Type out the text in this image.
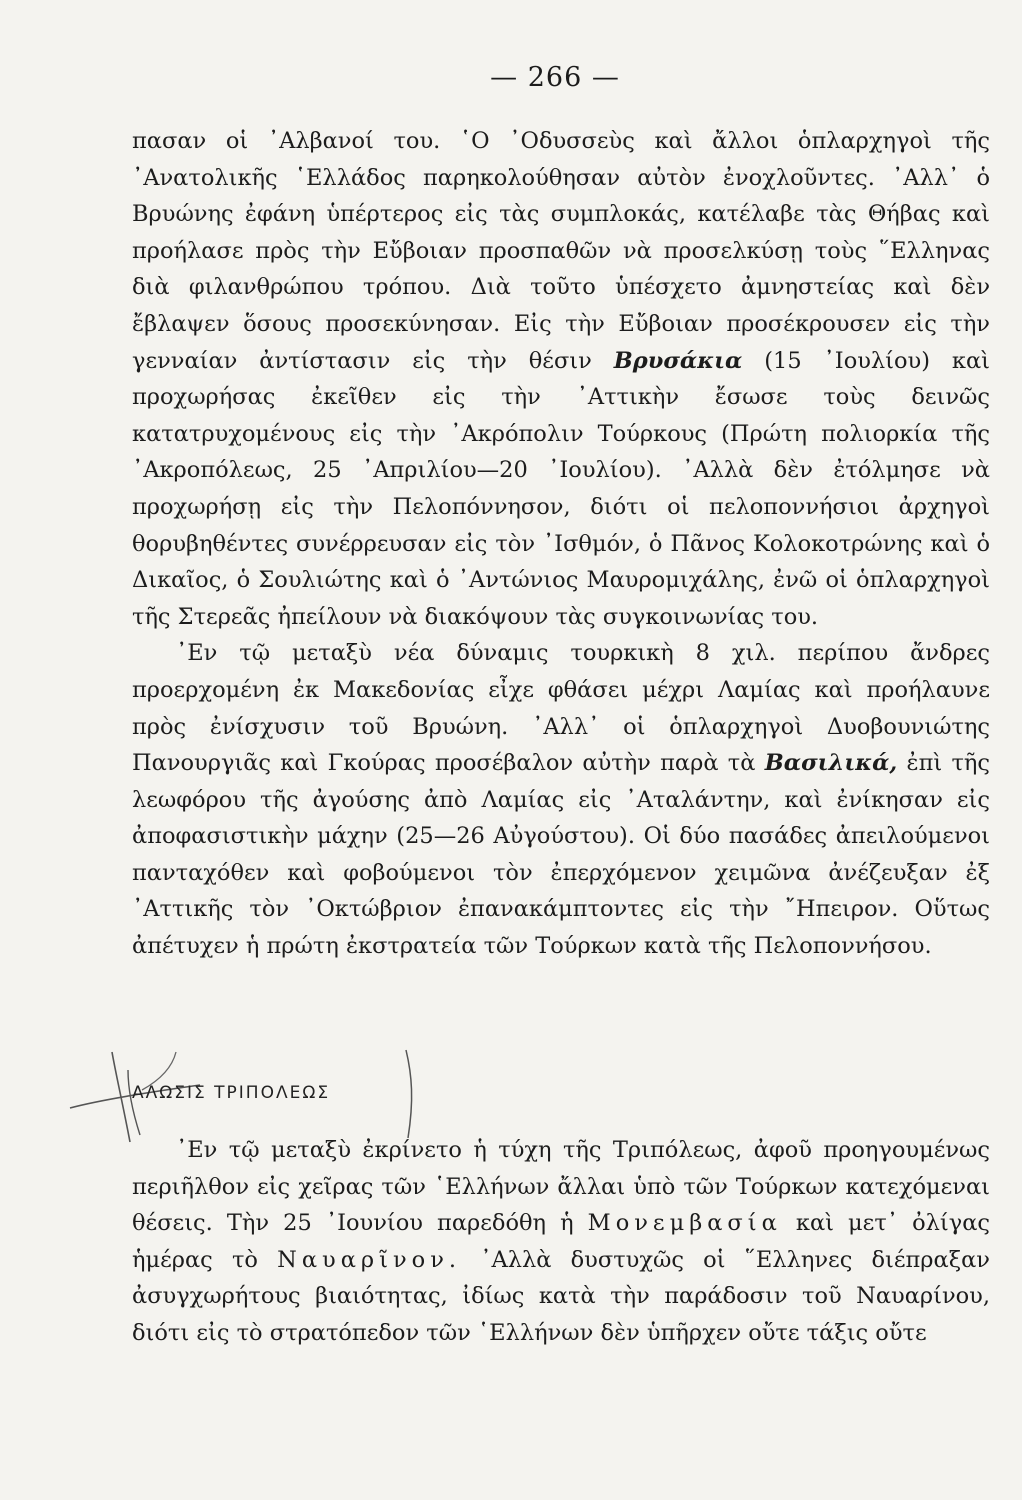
— 266 —

πασαν οἱ ᾿Αλβανοί του. ῾Ο ᾿Οδυσσεὺς καὶ ἄλλοι ὁπλαρχηγοὶ τῆς ᾿Ανατολικῆς ῾Ελλάδος παρηκολούθησαν αὐτὸν ἐνοχλοῦντες. ᾿Αλλ᾿ ὁ Βρυώνης ἐφάνη ὑπέρτερος εἰς τὰς συμπλοκάς, κατέλαβε τὰς Θήβας καὶ προήλασε πρὸς τὴν Εὔβοιαν προσπαθῶν νὰ προσελκύσῃ τοὺς ῞Ελληνας διὰ φιλανθρώπου τρόπου. Διὰ τοῦτο ὑπέσχετο ἀμνηστείας καὶ δὲν ἔβλαψεν ὅσους προσεκύνησαν. Εἰς τὴν Εὔβοιαν προσέκρουσεν εἰς τὴν γενναίαν ἀντίστασιν εἰς τὴν θέσιν Βρυσάκια (15 ᾿Ιουλίου) καὶ προχωρήσας ἐκεῖθεν εἰς τὴν ᾿Αττικὴν ἔσωσε τοὺς δεινῶς κατατρυχομένους εἰς τὴν ᾿Ακρόπολιν Τούρκους (Πρώτη πολιορκία τῆς ᾿Ακροπόλεως, 25 ᾿Απριλίου—20 ᾿Ιουλίου). ᾿Αλλὰ δὲν ἐτόλμησε νὰ προχωρήσῃ εἰς τὴν Πελοπόννησον, διότι οἱ πελοποννήσιοι ἀρχηγοὶ θορυβηθέντες συνέρρευσαν εἰς τὸν ᾿Ισθμόν, ὁ Πᾶνος Κολοκοτρώνης καὶ ὁ Δικαῖος, ὁ Σουλιώτης καὶ ὁ ᾿Αντώνιος Μαυρομιχάλης, ἐνῶ οἱ ὁπλαρχηγοὶ τῆς Στερεᾶς ἠπείλουν νὰ διακόψουν τὰς συγκοινωνίας του.

᾿Εν τῷ μεταξὺ νέα δύναμις τουρκικὴ 8 χιλ. περίπου ἄνδρες προερχομένη ἐκ Μακεδονίας εἶχε φθάσει μέχρι Λαμίας καὶ προήλαυνε πρὸς ἐνίσχυσιν τοῦ Βρυώνη. ᾿Αλλ᾿ οἱ ὁπλαρχηγοὶ Δυοβουνιώτης Πανουργιᾶς καὶ Γκούρας προσέβαλον αὐτὴν παρὰ τὰ Βασιλικά, ἐπὶ τῆς λεωφόρου τῆς ἀγούσης ἀπὸ Λαμίας εἰς ᾿Αταλάντην, καὶ ἐνίκησαν εἰς ἀποφασιστικὴν μάχην (25—26 Αὐγούστου). Οἱ δύο πασάδες ἀπειλούμενοι πανταχόθεν καὶ φοβούμενοι τὸν ἐπερχόμενον χειμῶνα ἀνέζευξαν ἐξ ᾿Αττικῆς τὸν ᾿Οκτώβριον ἐπανακάμπτοντες εἰς τὴν ῎Ηπειρον. Οὕτως ἀπέτυχεν ἡ πρώτη ἐκστρατεία τῶν Τούρκων κατὰ τῆς Πελοποννήσου.

ΑΛΩΣΙΣ ΤΡΙΠΟΛΕΩΣ

᾿Εν τῷ μεταξὺ ἐκρίνετο ἡ τύχη τῆς Τριπόλεως, ἀφοῦ προηγουμένως περιῆλθον εἰς χεῖρας τῶν ῾Ελλήνων ἄλλαι ὑπὸ τῶν Τούρκων κατεχόμεναι θέσεις. Τὴν 25 ᾿Ιουνίου παρεδόθη ἡ Μονεμβασία καὶ μετ᾿ ὀλίγας ἡμέρας τὸ Ναυαρῖνον. ᾿Αλλὰ δυστυχῶς οἱ ῞Ελληνες διέπραξαν ἀσυγχωρήτους βιαιότητας, ἰδίως κατὰ τὴν παράδοσιν τοῦ Ναυαρίνου, διότι εἰς τὸ στρατόπεδον τῶν ῾Ελλήνων δὲν ὑπῆρχεν οὔτε τάξις οὔτε
